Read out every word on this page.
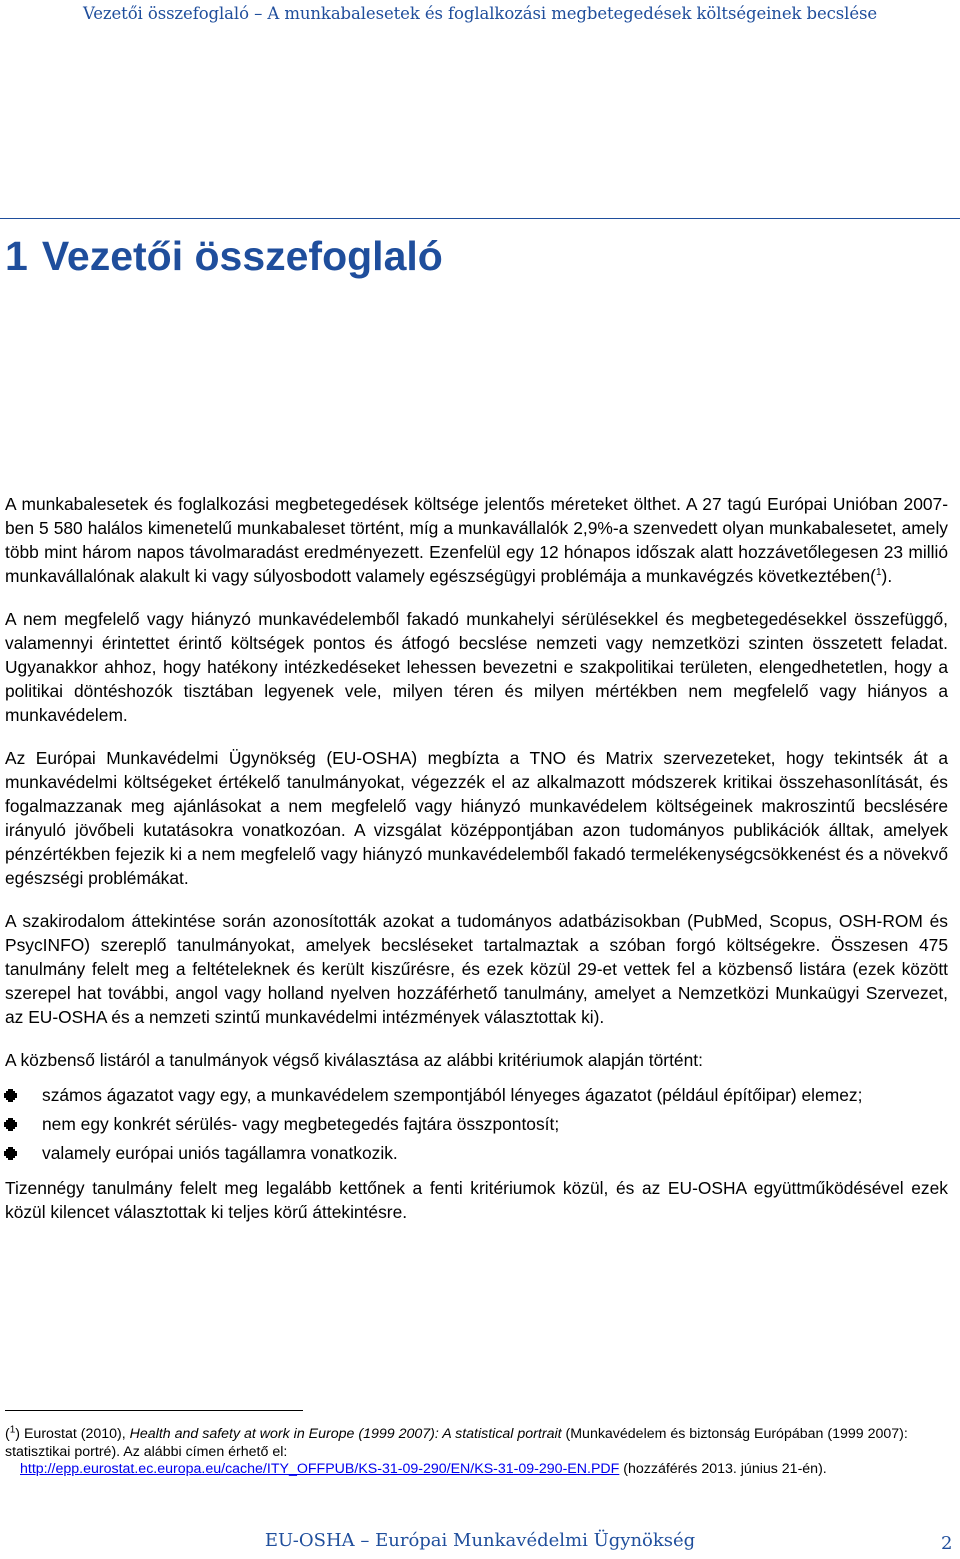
Vezetői összefoglaló – A munkabalesetek és foglalkozási megbetegedések költségeinek becslése
1 Vezetői összefoglaló

A munkabalesetek és foglalkozási megbetegedések költsége jelentős méreteket ölthet. A 27 tagú Európai Unióban 2007-ben 5 580 halálos kimenetelű munkabaleset történt, míg a munkavállalók 2,9%-a szenvedett olyan munkabalesetet, amely több mint három napos távolmaradást eredményezett. Ezenfelül egy 12 hónapos időszak alatt hozzávetőlegesen 23 millió munkavállalónak alakult ki vagy súlyosbodott valamely egészségügyi problémája a munkavégzés következtében($^1$).

A nem megfelelő vagy hiányzó munkavédelemből fakadó munkahelyi sérülésekkel és megbetegedésekkel összefüggő, valamennyi érintettet érintő költségek pontos és átfogó becslése nemzeti vagy nemzetközi szinten összetett feladat. Ugyanakkor ahhoz, hogy hatékony intézkedéseket lehessen bevezetni e szakpolitikai területen, elengedhetetlen, hogy a politikai döntéshozók tisztában legyenek vele, milyen téren és milyen mértékben nem megfelelő vagy hiányos a munkavédelem.

Az Európai Munkavédelmi Ügynökség (EU-OSHA) megbízta a TNO és Matrix szervezeteket, hogy tekintsék át a munkavédelmi költségeket értékelő tanulmányokat, végezzék el az alkalmazott módszerek kritikai összehasonlítását, és fogalmazzanak meg ajánlásokat a nem megfelelő vagy hiányzó munkavédelem költségeinek makroszintű becslésére irányuló jövőbeli kutatásokra vonatkozóan. A vizsgálat középpontjában azon tudományos publikációk álltak, amelyek pénzértékben fejezik ki a nem megfelelő vagy hiányzó munkavédelemből fakadó termelékenységcsökkenést és a növekvő egészségi problémákat.

A szakirodalom áttekintése során azonosították azokat a tudományos adatbázisokban (PubMed, Scopus, OSH-ROM és PsycINFO) szereplő tanulmányokat, amelyek becsléseket tartalmaztak a szóban forgó költségekre. Összesen 475 tanulmány felelt meg a feltételeknek és került kiszűrésre, és ezek közül 29-et vettek fel a közbenső listára (ezek között szerepel hat további, angol vagy holland nyelven hozzáférhető tanulmány, amelyet a Nemzetközi Munkaügyi Szervezet, az EU-OSHA és a nemzeti szintű munkavédelmi intézmények választottak ki).

A közbenső listáról a tanulmányok végső kiválasztása az alábbi kritériumok alapján történt:

számos ágazatot vagy egy, a munkavédelem szempontjából lényeges ágazatot (például építőipar) elemez;
nem egy konkrét sérülés- vagy megbetegedés fajtára összpontosít;
valamely európai uniós tagállamra vonatkozik.

Tizennégy tanulmány felelt meg legalább kettőnek a fenti kritériumok közül, és az EU-OSHA együttműködésével ezek közül kilencet választottak ki teljes körű áttekintésre.

($^1$) Eurostat (2010), Health and safety at work in Europe (1999 2007): A statistical portrait (Munkavédelem és biztonság Európában (1999 2007): statisztikai portré). Az alábbi címen érhető el:
http://epp.eurostat.ec.europa.eu/cache/ITY_OFFPUB/KS-31-09-290/EN/KS-31-09-290-EN.PDF (hozzáférés 2013. június 21-én).
EU-OSHA – Európai Munkavédelmi Ügynökség	2
